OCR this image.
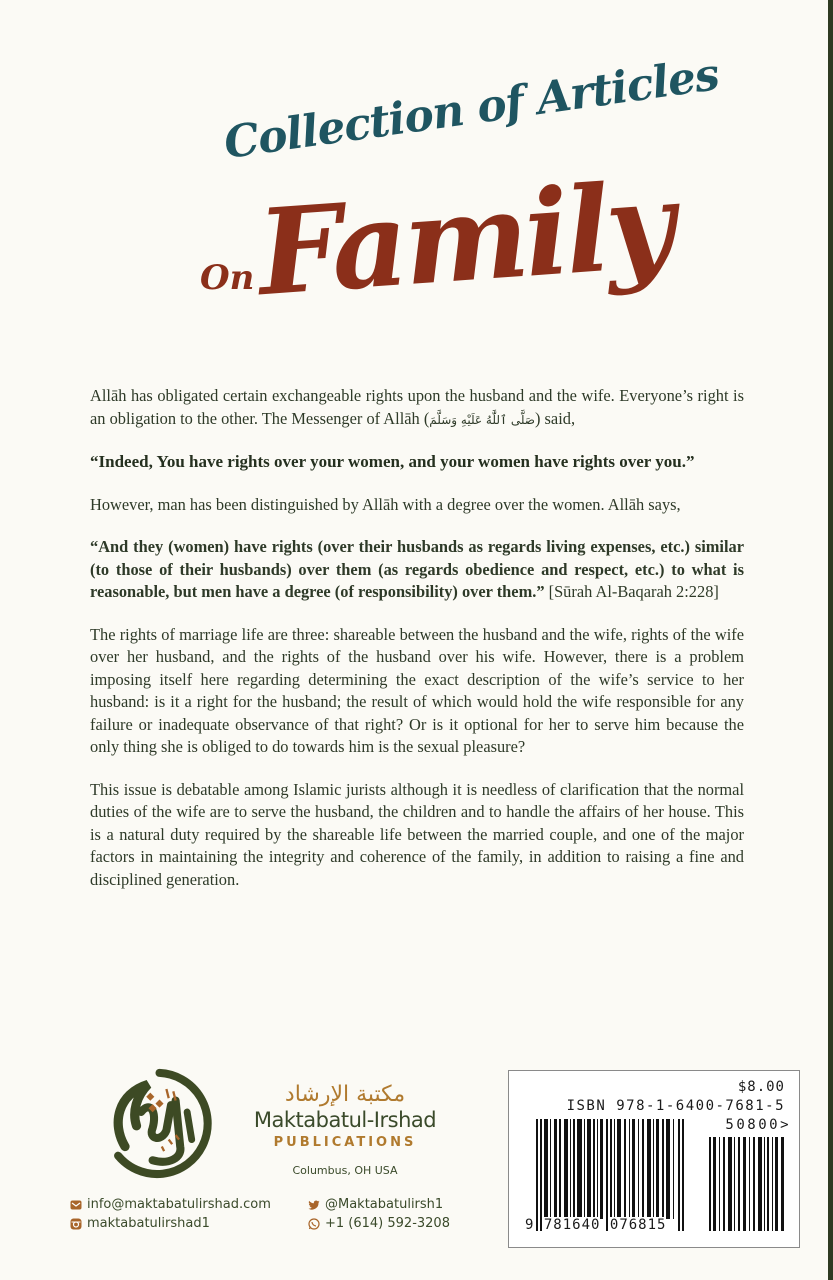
Collection of Articles
Family
On

Allāh has obligated certain exchangeable rights upon the husband and the wife. Everyone’s right is an obligation to the other. The Messenger of Allāh (صَلَّى ٱللَّٰهُ عَلَيْهِ وَسَلَّمَ) said,

“Indeed, You have rights over your women, and your women have rights over you.”

However, man has been distinguished by Allāh with a degree over the women. Allāh says,

“And they (women) have rights (over their husbands as regards living expenses, etc.) similar (to those of their husbands) over them (as regards obedience and respect, etc.) to what is reasonable, but men have a degree (of responsibility) over them.” [Sūrah Al-Baqarah 2:228]

The rights of marriage life are three: shareable between the husband and the wife, rights of the wife over her husband, and the rights of the husband over his wife. However, there is a problem imposing itself here regarding determining the exact description of the wife’s service to her husband: is it a right for the husband; the result of which would hold the wife responsible for any failure or inadequate observance of that right? Or is it optional for her to serve him because the only thing she is obliged to do towards him is the sexual pleasure?

This issue is debatable among Islamic jurists although it is needless of clarification that the normal duties of the wife are to serve the husband, the children and to handle the affairs of her house. This is a natural duty required by the shareable life between the married couple, and one of the major factors in maintaining the integrity and coherence of the family, in addition to raising a fine and disciplined generation.

مكتبة الإرشاد
Maktabatul-Irshad
PUBLICATIONS
Columbus, OH USA
info@maktabatulirshad.com
maktabatulirshad1
@Maktabatulirsh1
+1 (614) 592-3208
$8.00
ISBN 978-1-6400-7681-5
50800>
9 781640 076815
